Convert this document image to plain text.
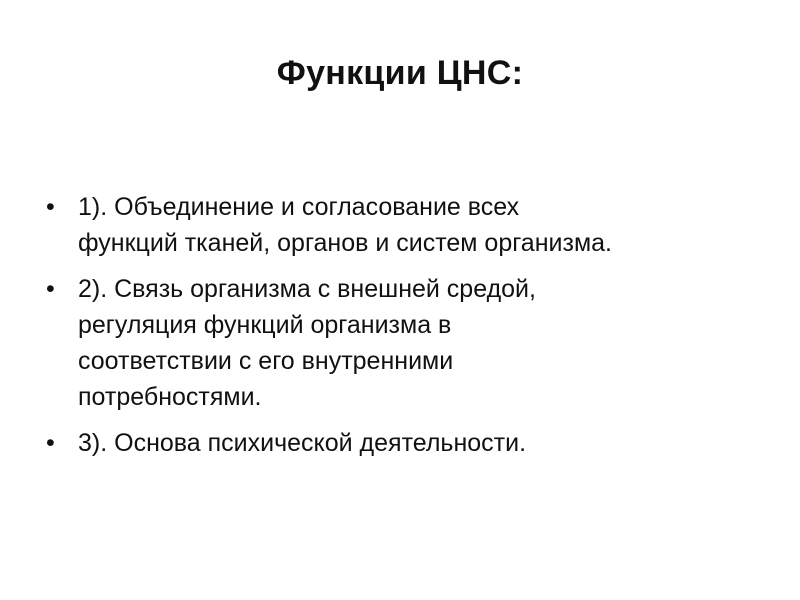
Функции ЦНС:
• 1). Объединение и согласование всех
функций тканей, органов и систем организма.
• 2). Связь организма с внешней средой,
регуляция функций организма в
соответствии с его внутренними
потребностями.
• 3). Основа психической деятельности.
